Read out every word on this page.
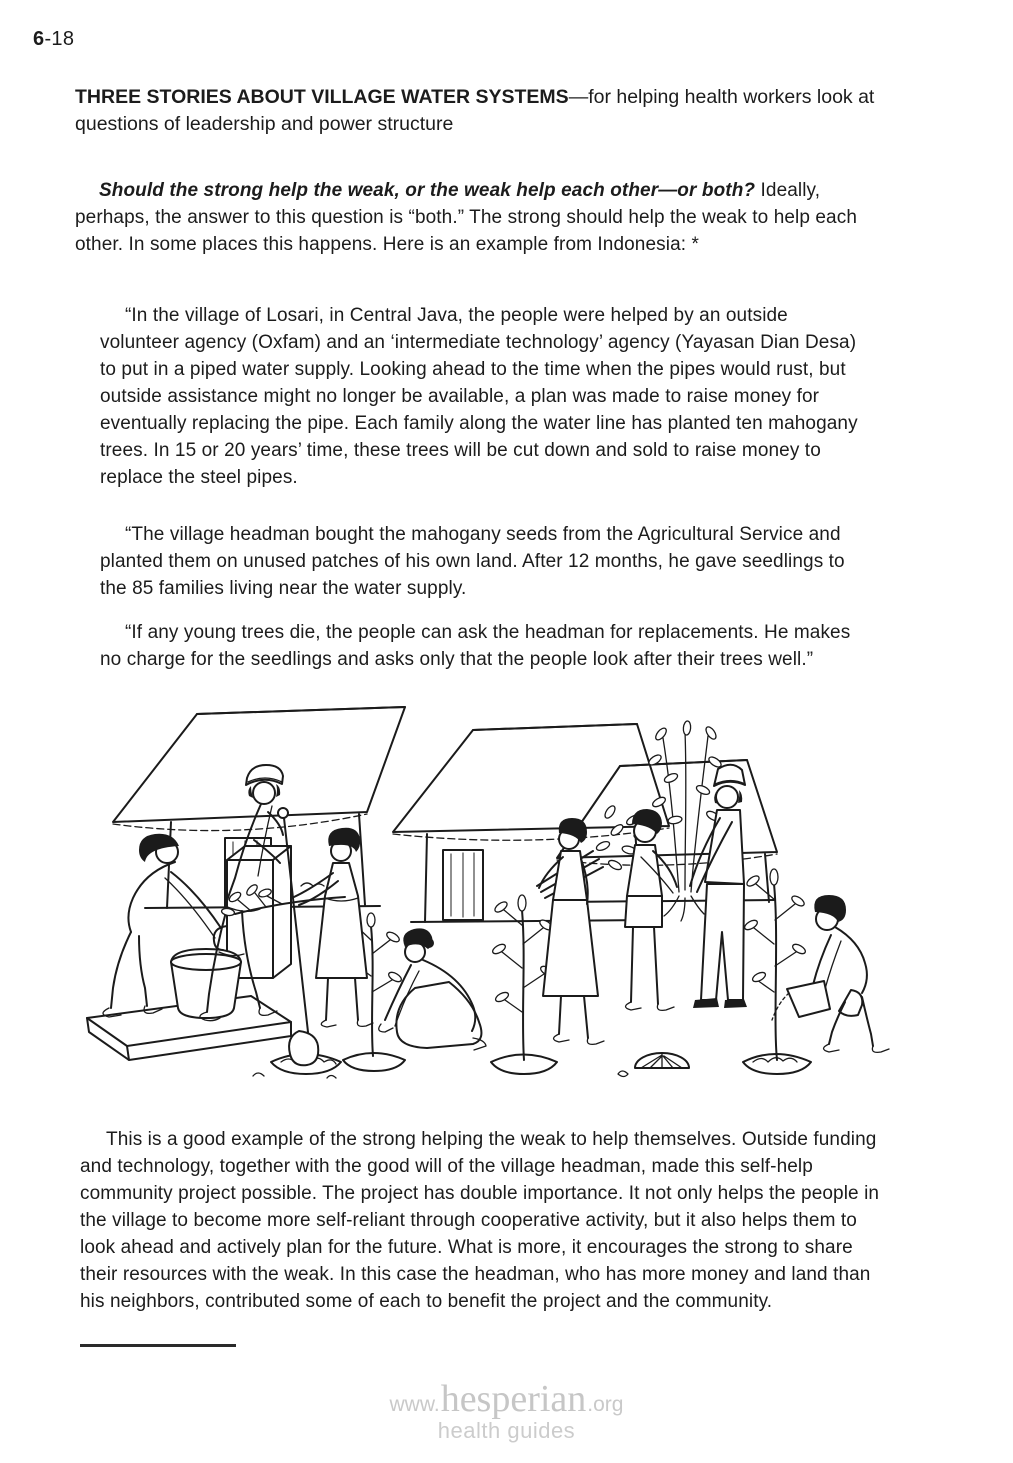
6-18
THREE STORIES ABOUT VILLAGE WATER SYSTEMS—for helping health workers look at questions of leadership and power structure

Should the strong help the weak, or the weak help each other—or both? Ideally, perhaps, the answer to this question is “both.” The strong should help the weak to help each other. In some places this happens. Here is an example from Indonesia: *

“In the village of Losari, in Central Java, the people were helped by an outside volunteer agency (Oxfam) and an ‘intermediate technology’ agency (Yayasan Dian Desa) to put in a piped water supply. Looking ahead to the time when the pipes would rust, but outside assistance might no longer be available, a plan was made to raise money for eventually replacing the pipe. Each family along the water line has planted ten mahogany trees. In 15 or 20 years’ time, these trees will be cut down and sold to raise money to replace the steel pipes.

“The village headman bought the mahogany seeds from the Agricultural Service and planted them on unused patches of his own land. After 12 months, he gave seedlings to the 85 families living near the water supply.

“If any young trees die, the people can ask the headman for replacements. He makes no charge for the seedlings and asks only that the people look after their trees well.”

This is a good example of the strong helping the weak to help themselves. Outside funding and technology, together with the good will of the village headman, made this self-help community project possible. The project has double importance. It not only helps the people in the village to become more self-reliant through cooperative activity, but it also helps them to look ahead and actively plan for the future. What is more, it encourages the strong to share their resources with the weak. In this case the headman, who has more money and land than his neighbors, contributed some of each to benefit the project and the community.

www. hesperian .org
health guides
